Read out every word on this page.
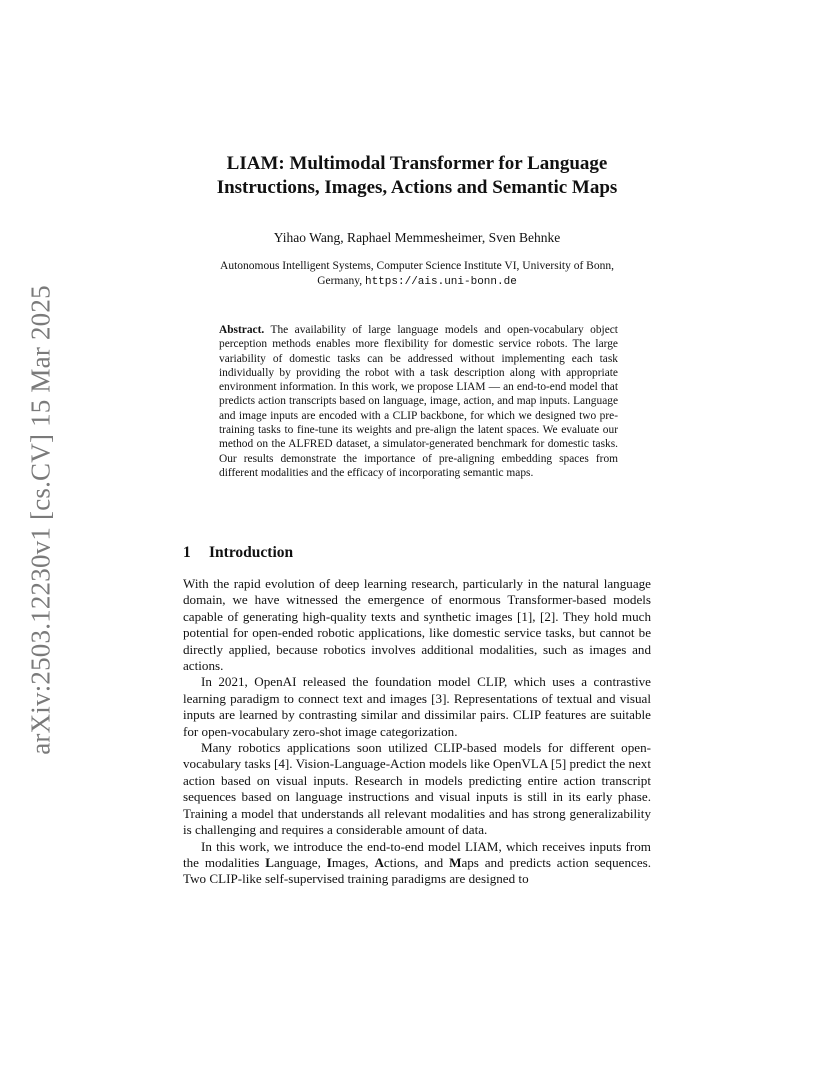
arXiv:2503.12230v1 [cs.CV] 15 Mar 2025
LIAM: Multimodal Transformer for Language
Instructions, Images, Actions and Semantic Maps
Yihao Wang, Raphael Memmesheimer, Sven Behnke
Autonomous Intelligent Systems, Computer Science Institute VI, University of Bonn,
Germany, https://ais.uni-bonn.de

Abstract. The availability of large language models and open-vocabulary object perception methods enables more flexibility for domestic service robots. The large variability of domestic tasks can be addressed without implementing each task individually by providing the robot with a task description along with appropriate environment information. In this work, we propose LIAM — an end-to-end model that predicts action transcripts based on language, image, action, and map inputs. Language and image inputs are encoded with a CLIP backbone, for which we designed two pre-training tasks to fine-tune its weights and pre-align the latent spaces. We evaluate our method on the ALFRED dataset, a simulator-generated benchmark for domestic tasks. Our results demonstrate the importance of pre-aligning embedding spaces from different modalities and the efficacy of incorporating semantic maps.

1 Introduction

With the rapid evolution of deep learning research, particularly in the natural language domain, we have witnessed the emergence of enormous Transformer-based models capable of generating high-quality texts and synthetic images [1], [2]. They hold much potential for open-ended robotic applications, like domestic service tasks, but cannot be directly applied, because robotics involves additional modalities, such as images and actions.

In 2021, OpenAI released the foundation model CLIP, which uses a contrastive learning paradigm to connect text and images [3]. Representations of textual and visual inputs are learned by contrasting similar and dissimilar pairs. CLIP features are suitable for open-vocabulary zero-shot image categorization.

Many robotics applications soon utilized CLIP-based models for different open-vocabulary tasks [4]. Vision-Language-Action models like OpenVLA [5] predict the next action based on visual inputs. Research in models predicting entire action transcript sequences based on language instructions and visual inputs is still in its early phase. Training a model that understands all relevant modalities and has strong generalizability is challenging and requires a considerable amount of data.

In this work, we introduce the end-to-end model LIAM, which receives inputs from the modalities Language, Images, Actions, and Maps and predicts action sequences. Two CLIP-like self-supervised training paradigms are designed to
